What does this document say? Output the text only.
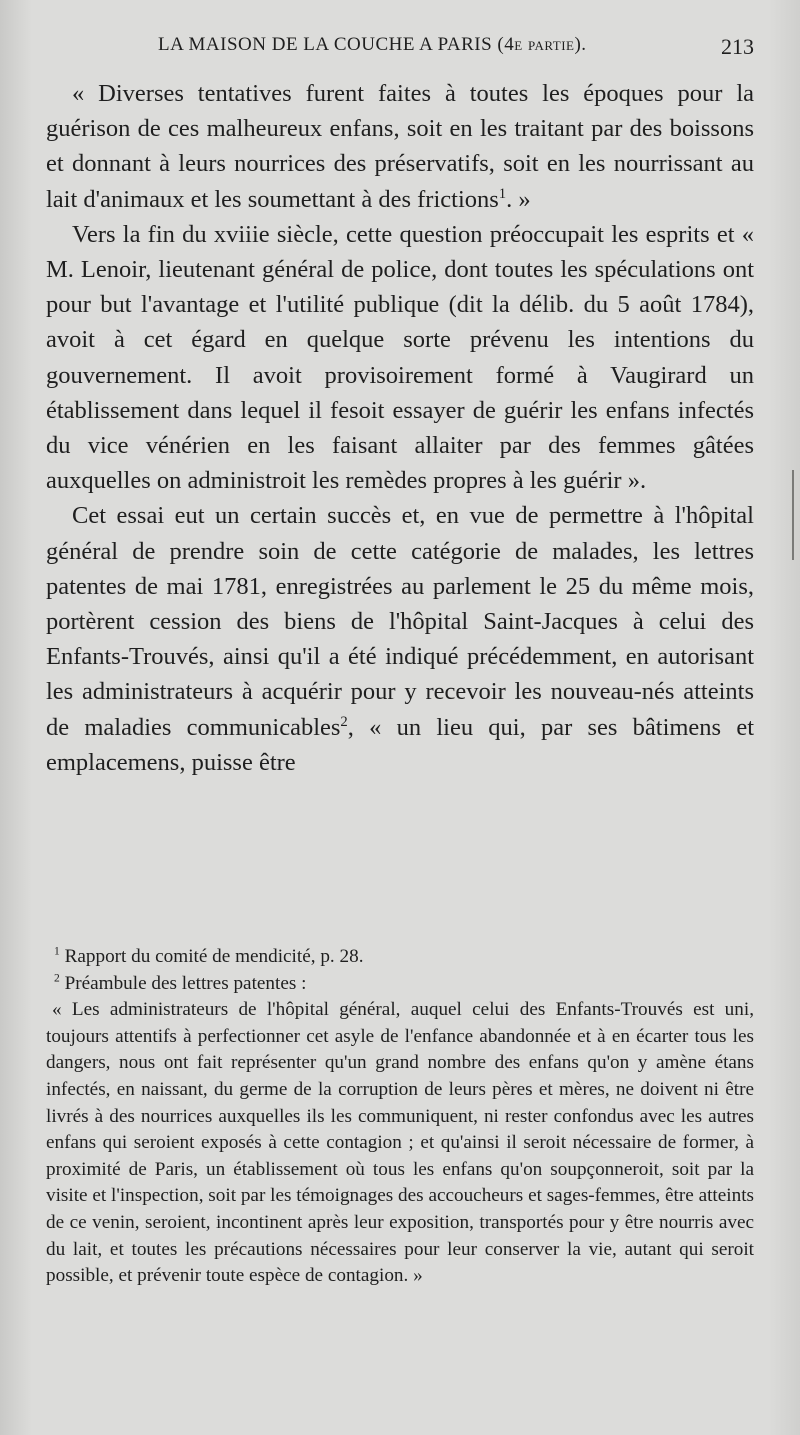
LA MAISON DE LA COUCHE A PARIS (4e partie).	213

« Diverses tentatives furent faites à toutes les époques pour la guérison de ces malheureux enfans, soit en les traitant par des boissons et donnant à leurs nourrices des préservatifs, soit en les nourrissant au lait d'animaux et les soumettant à des frictions$^1$. »

Vers la fin du xviiie siècle, cette question préoccupait les esprits et « M. Lenoir, lieutenant général de police, dont toutes les spéculations ont pour but l'avantage et l'utilité publique (dit la délib. du 5 août 1784), avoit à cet égard en quelque sorte prévenu les intentions du gouvernement. Il avoit provisoirement formé à Vaugirard un établissement dans lequel il fesoit essayer de guérir les enfans infectés du vice vénérien en les faisant allaiter par des femmes gâtées auxquelles on administroit les remèdes propres à les guérir ».

Cet essai eut un certain succès et, en vue de permettre à l'hôpital général de prendre soin de cette catégorie de malades, les lettres patentes de mai 1781, enregistrées au parlement le 25 du même mois, portèrent cession des biens de l'hôpital Saint-Jacques à celui des Enfants-Trouvés, ainsi qu'il a été indiqué précédemment, en autorisant les administrateurs à acquérir pour y recevoir les nouveau-nés atteints de maladies communicables$^2$, « un lieu qui, par ses bâtimens et emplacemens, puisse être

$^1$ Rapport du comité de mendicité, p. 28.

$^2$ Préambule des lettres patentes :

« Les administrateurs de l'hôpital général, auquel celui des Enfants-Trouvés est uni, toujours attentifs à perfectionner cet asyle de l'enfance abandonnée et à en écarter tous les dangers, nous ont fait représenter qu'un grand nombre des enfans qu'on y amène étans infectés, en naissant, du germe de la corruption de leurs pères et mères, ne doivent ni être livrés à des nourrices auxquelles ils les communiquent, ni rester confondus avec les autres enfans qui seroient exposés à cette contagion ; et qu'ainsi il seroit nécessaire de former, à proximité de Paris, un établissement où tous les enfans qu'on soupçonneroit, soit par la visite et l'inspection, soit par les témoignages des accoucheurs et sages-femmes, être atteints de ce venin, seroient, incontinent après leur exposition, transportés pour y être nourris avec du lait, et toutes les précautions nécessaires pour leur conserver la vie, autant qui seroit possible, et prévenir toute espèce de contagion. »
